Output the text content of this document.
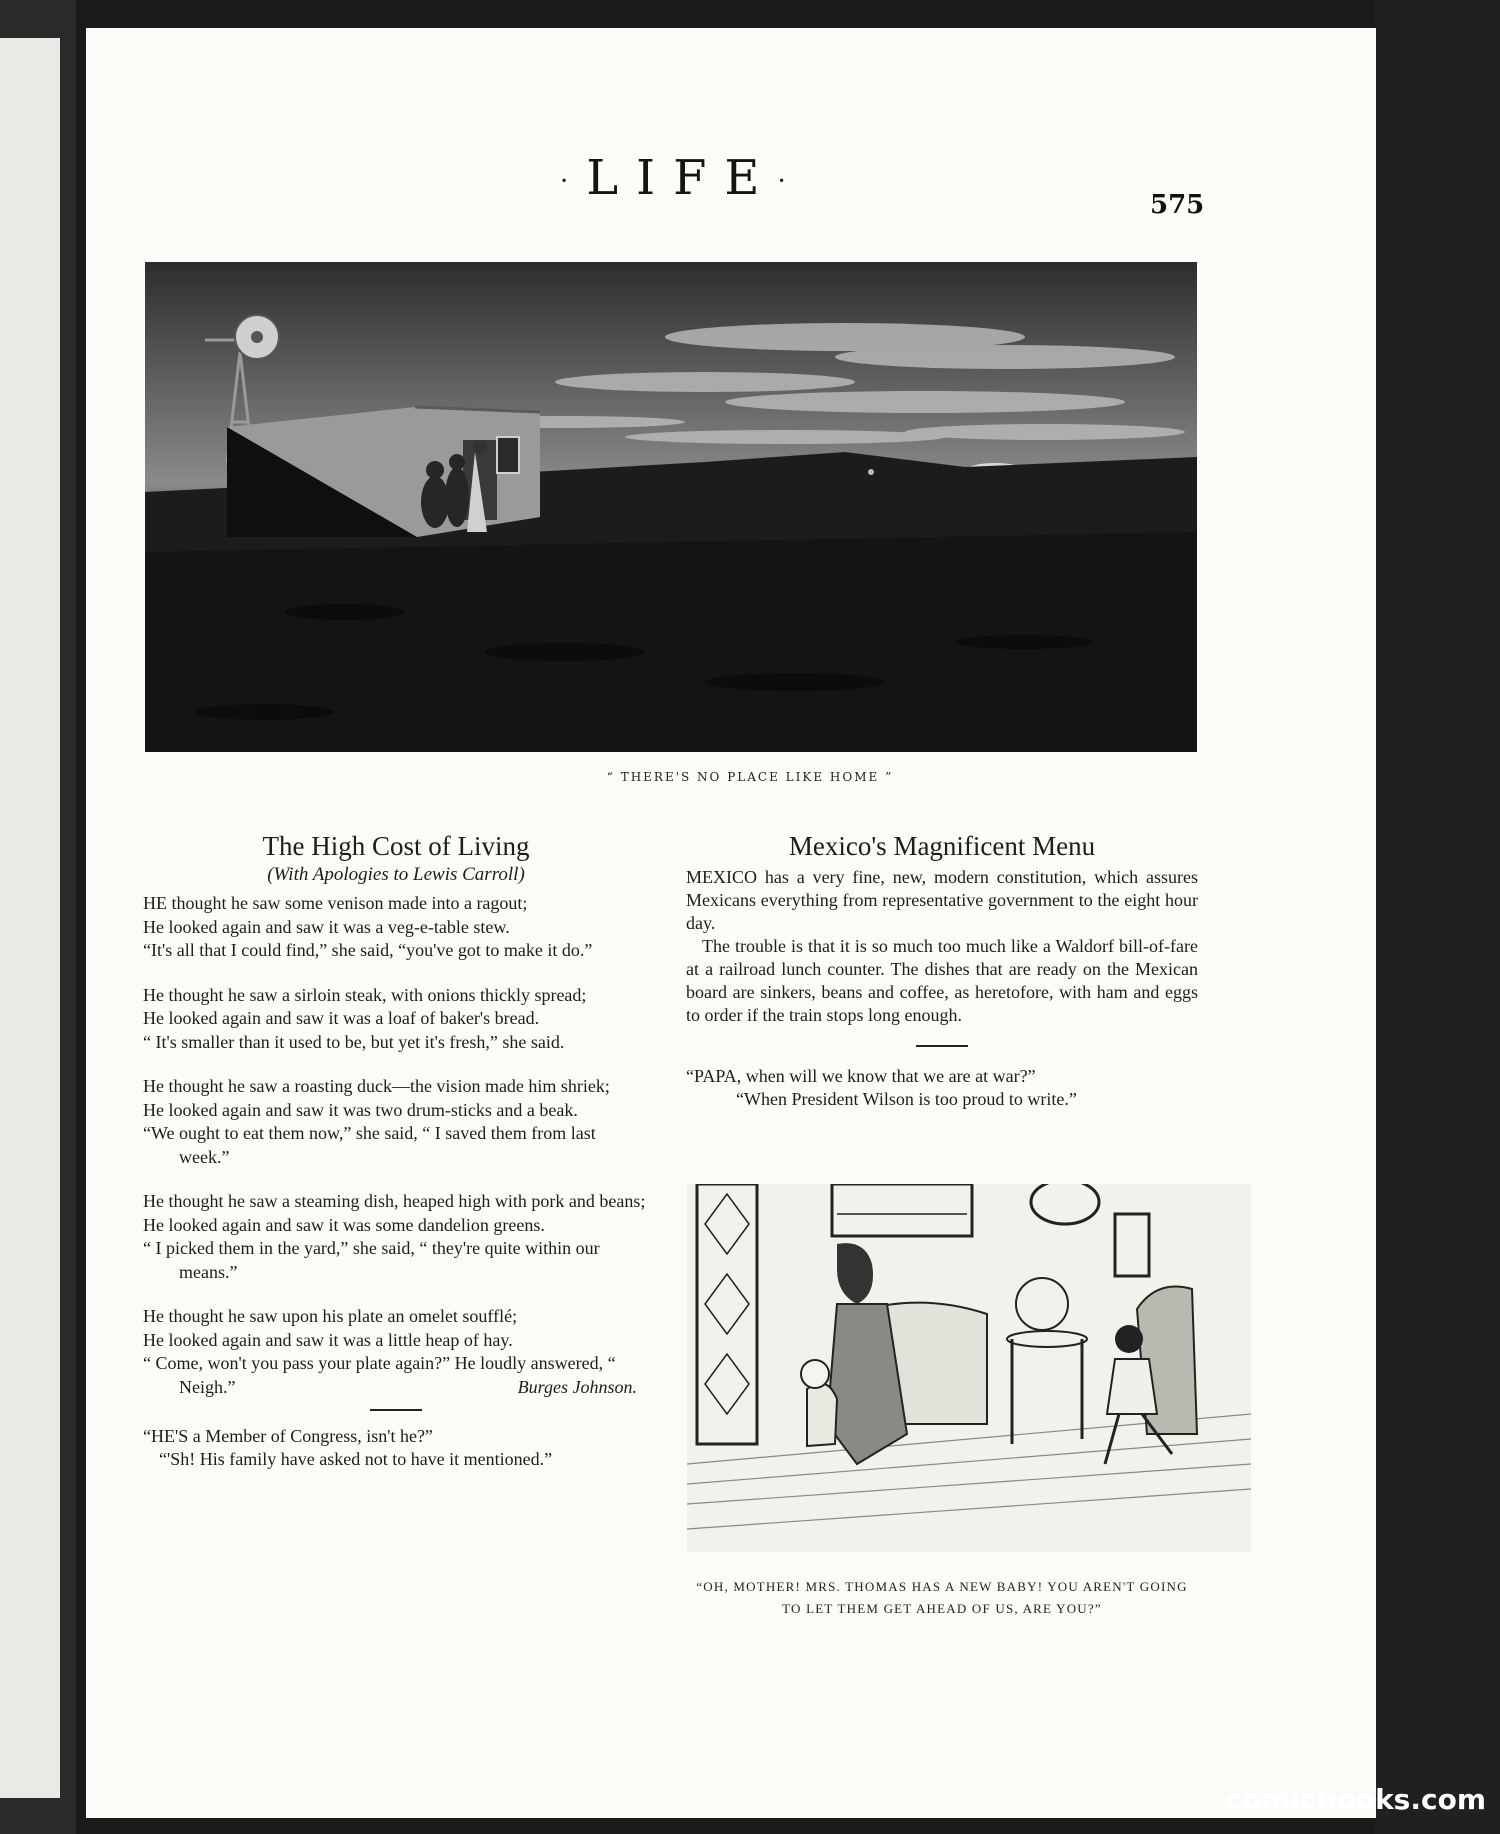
·LIFE·
575
“ THERE'S NO PLACE LIKE HOME ”
The High Cost of Living
(With Apologies to Lewis Carroll)

HE thought he saw some venison made into a ragout;

He looked again and saw it was a veg-e-table stew.

“It's all that I could find,” she said, “you've got to make it do.”

He thought he saw a sirloin steak, with onions thickly spread;

He looked again and saw it was a loaf of baker's bread.

“ It's smaller than it used to be, but yet it's fresh,” she said.

He thought he saw a roasting duck—the vision made him shriek;

He looked again and saw it was two drum-sticks and a beak.

“We ought to eat them now,” she said, “ I saved them from last week.”

He thought he saw a steaming dish, heaped high with pork and beans;

He looked again and saw it was some dandelion greens.

“ I picked them in the yard,” she said, “ they're quite within our means.”

He thought he saw upon his plate an omelet soufflé;

He looked again and saw it was a little heap of hay.

“ Come, won't you pass your plate again?” He loudly answered, “ Neigh.”	Burges Johnson.

“HE'S a Member of Congress, isn't he?”

“'Sh! His family have asked not to have it mentioned.”

Mexico's Magnificent Menu

MEXICO has a very fine, new, modern constitution, which assures Mexicans everything from representative government to the eight hour day.

The trouble is that it is so much too much like a Waldorf bill-of-fare at a railroad lunch counter. The dishes that are ready on the Mexican board are sinkers, beans and coffee, as heretofore, with ham and eggs to order if the train stops long enough.

“PAPA, when will we know that we are at war?”

“When President Wilson is too proud to write.”

“OH, MOTHER! MRS. THOMAS HAS A NEW BABY! YOU AREN'T GOING TO LET THEM GET AHEAD OF US, ARE YOU?”
comicbooks.com
